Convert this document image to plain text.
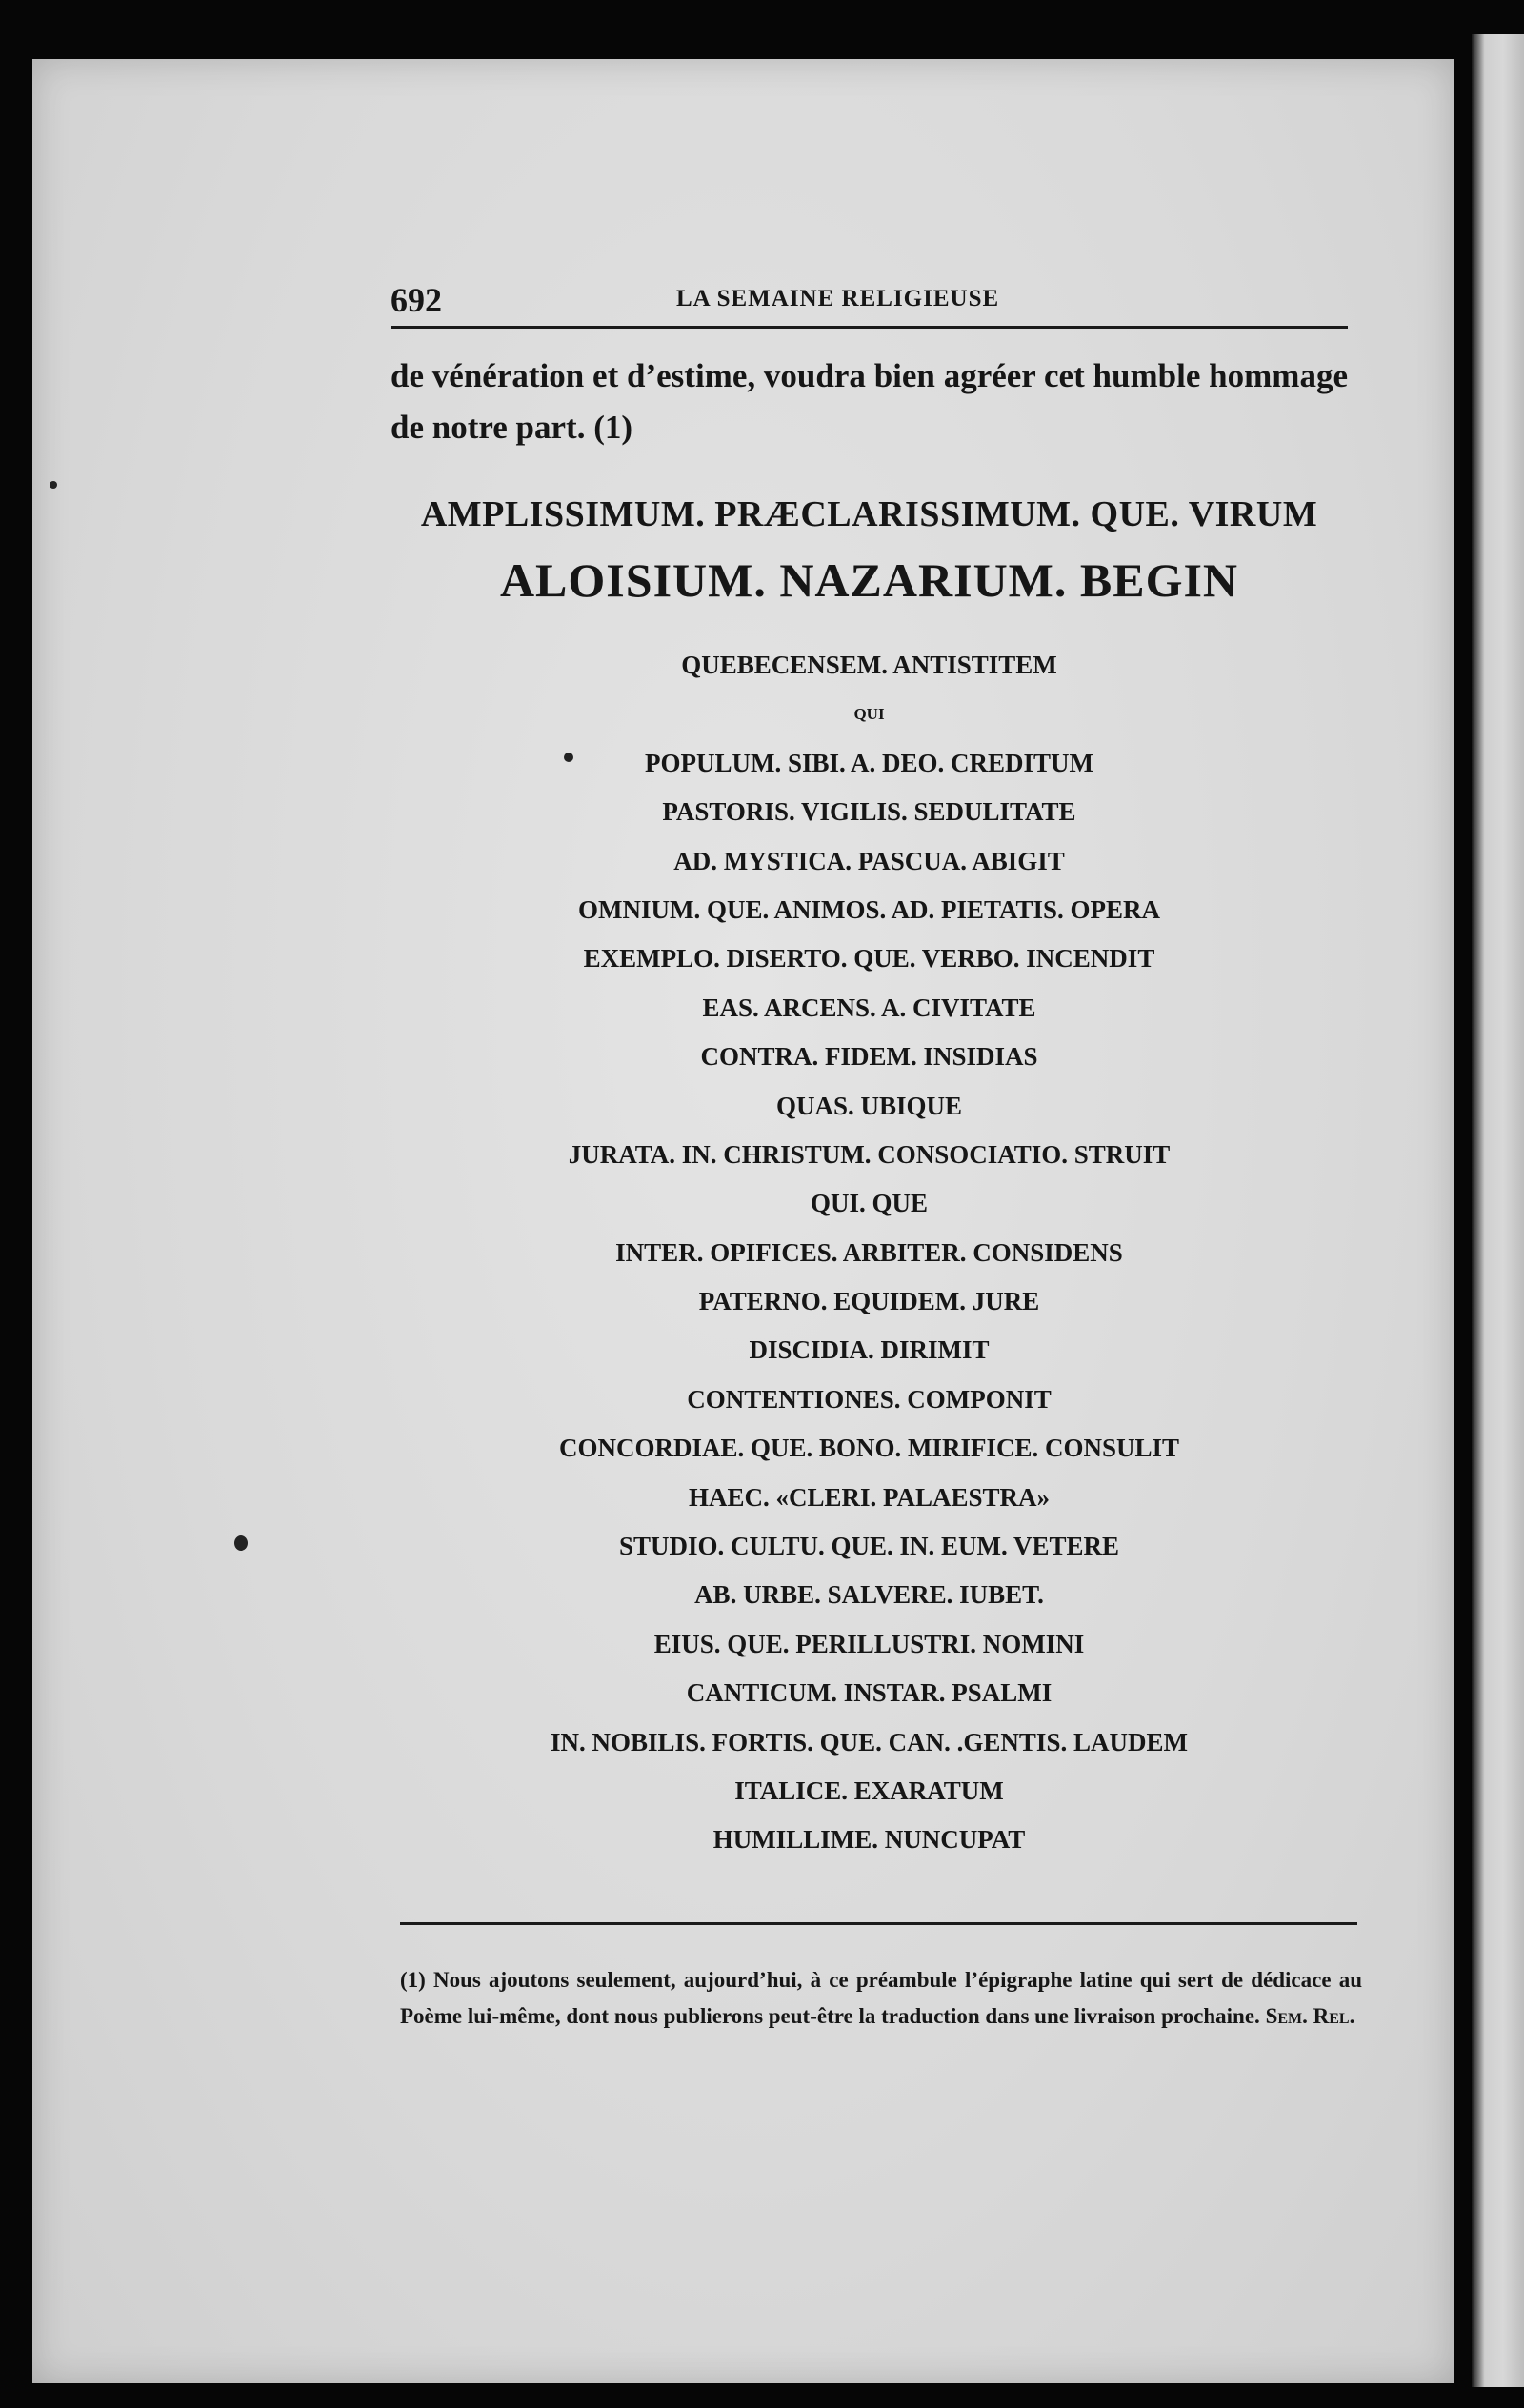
692	LA SEMAINE RELIGIEUSE
de vénération et d’estime, voudra bien agréer cet humble hommage de notre part. (1)
AMPLISSIMUM. PRÆCLARISSIMUM. QUE. VIRUM
ALOISIUM. NAZARIUM. BEGIN
QUEBECENSEM. ANTISTITEM
QUI
POPULUM. SIBI. A. DEO. CREDITUM
PASTORIS. VIGILIS. SEDULITATE
AD. MYSTICA. PASCUA. ABIGIT
OMNIUM. QUE. ANIMOS. AD. PIETATIS. OPERA
EXEMPLO. DISERTO. QUE. VERBO. INCENDIT
EAS. ARCENS. A. CIVITATE
CONTRA. FIDEM. INSIDIAS
QUAS. UBIQUE
JURATA. IN. CHRISTUM. CONSOCIATIO. STRUIT
QUI. QUE
INTER. OPIFICES. ARBITER. CONSIDENS
PATERNO. EQUIDEM. JURE
DISCIDIA. DIRIMIT
CONTENTIONES. COMPONIT
CONCORDIAE. QUE. BONO. MIRIFICE. CONSULIT
HAEC. «CLERI. PALAESTRA»
STUDIO. CULTU. QUE. IN. EUM. VETERE
AB. URBE. SALVERE. IUBET.
EIUS. QUE. PERILLUSTRI. NOMINI
CANTICUM. INSTAR. PSALMI
IN. NOBILIS. FORTIS. QUE. CAN. .GENTIS. LAUDEM
ITALICE. EXARATUM
HUMILLIME. NUNCUPAT
(1) Nous ajoutons seulement, aujourd’hui, à ce préambule l’épigraphe latine qui sert de dédicace au Poème lui-même, dont nous publierons peut-être la traduction dans une livraison prochaine. Sem. Rel.
